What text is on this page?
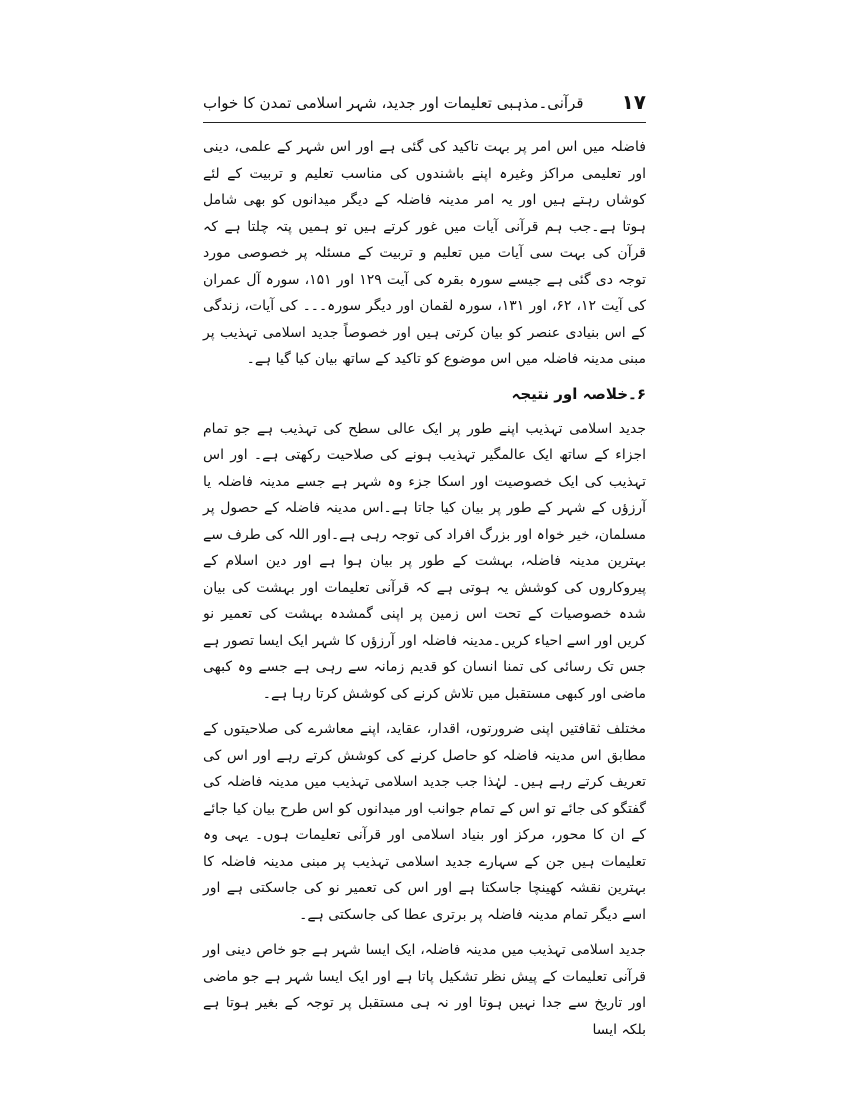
قرآنی۔مذہبی تعلیمات اور جدید، شہر اسلامی تمدن کا خواب ۱۷

فاضلہ میں اس امر پر بہت تاکید کی گئی ہے اور اس شہر کے علمی، دینی اور تعلیمی مراکز وغیرہ اپنے باشندوں کی مناسب تعلیم و تربیت کے لئے کوشاں رہتے ہیں اور یہ امر مدینہ فاضلہ کے دیگر میدانوں کو بھی شامل ہوتا ہے۔جب ہم قرآنی آیات میں غور کرتے ہیں تو ہمیں پتہ چلتا ہے کہ قرآن کی بہت سی آیات میں تعلیم و تربیت کے مسئلہ پر خصوصی مورد توجہ دی گئی ہے جیسے سورہ بقرہ کی آیت ۱۲۹ اور ۱۵۱، سورہ آل عمران کی آیت ۱۲، ۶۲، اور ۱۳۱، سورہ لقمان اور دیگر سورہ۔۔۔ کی آیات، زندگی کے اس بنیادی عنصر کو بیان کرتی ہیں اور خصوصاً جدید اسلامی تہذیب پر مبنی مدینہ فاضلہ میں اس موضوع کو تاکید کے ساتھ بیان کیا گیا ہے۔

۶۔خلاصہ اور نتیجہ

جدید اسلامی تہذیب اپنے طور پر ایک عالی سطح کی تہذیب ہے جو تمام اجزاء کے ساتھ ایک عالمگیر تہذیب ہونے کی صلاحیت رکھتی ہے۔ اور اس تہذیب کی ایک خصوصیت اور اسکا جزء وہ شہر ہے جسے مدینہ فاضلہ یا آرزؤں کے شہر کے طور پر بیان کیا جاتا ہے۔اس مدینہ فاضلہ کے حصول پر مسلمان، خیر خواہ اور بزرگ افراد کی توجہ رہی ہے۔اور اللہ کی طرف سے بہترین مدینہ فاضلہ، بہشت کے طور پر بیان ہوا ہے اور دین اسلام کے پیروکاروں کی کوشش یہ ہوتی ہے کہ قرآنی تعلیمات اور بہشت کی بیان شدہ خصوصیات کے تحت اس زمین پر اپنی گمشدہ بہشت کی تعمیر نو کریں اور اسے احیاء کریں۔مدینہ فاضلہ اور آرزؤں کا شہر ایک ایسا تصور ہے جس تک رسائی کی تمنا انسان کو قدیم زمانہ سے رہی ہے جسے وہ کبھی ماضی اور کبھی مستقبل میں تلاش کرنے کی کوشش کرتا رہا ہے۔

مختلف ثقافتیں اپنی ضرورتوں، اقدار، عقاید، اپنے معاشرے کی صلاحیتوں کے مطابق اس مدینہ فاضلہ کو حاصل کرنے کی کوشش کرتے رہے اور اس کی تعریف کرتے رہے ہیں۔ لہٰذا جب جدید اسلامی تہذیب میں مدینہ فاضلہ کی گفتگو کی جائے تو اس کے تمام جوانب اور میدانوں کو اس طرح بیان کیا جائے کے ان کا محور، مرکز اور بنیاد اسلامی اور قرآنی تعلیمات ہوں۔ یہی وہ تعلیمات ہیں جن کے سہارے جدید اسلامی تہذیب پر مبنی مدینہ فاضلہ کا بہترین نقشہ کھینچا جاسکتا ہے اور اس کی تعمیر نو کی جاسکتی ہے اور اسے دیگر تمام مدینہ فاضلہ پر برتری عطا کی جاسکتی ہے۔

جدید اسلامی تہذیب میں مدینہ فاضلہ، ایک ایسا شہر ہے جو خاص دینی اور قرآنی تعلیمات کے پیش نظر تشکیل پاتا ہے اور ایک ایسا شہر ہے جو ماضی اور تاریخ سے جدا نہیں ہوتا اور نہ ہی مستقبل پر توجہ کے بغیر ہوتا ہے بلکہ ایسا
